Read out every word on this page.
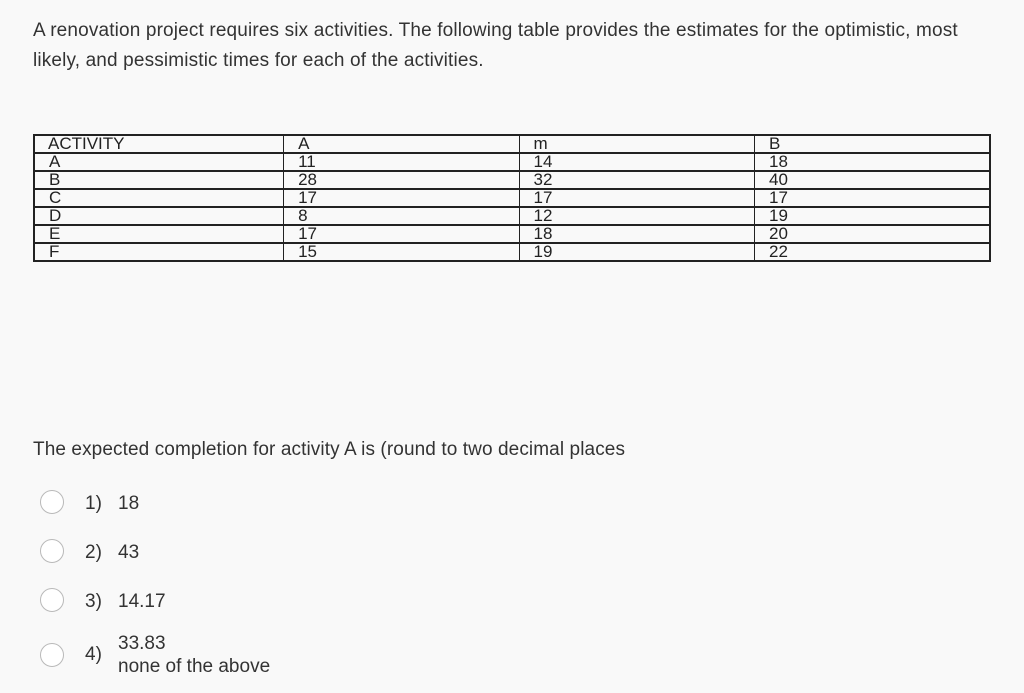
A renovation project requires six activities. The following table provides the estimates for the optimistic, most likely, and pessimistic times for each of the activities.

ACTIVITY	A	m	B
A	11	14	18
B	28	32	40
C	17	17	17
D	8	12	19
E	17	18	20
F	15	19	22

The expected completion for activity A is (round to two decimal places

1) 18
2) 43
3) 14.17
4)
33.83
none of the above
